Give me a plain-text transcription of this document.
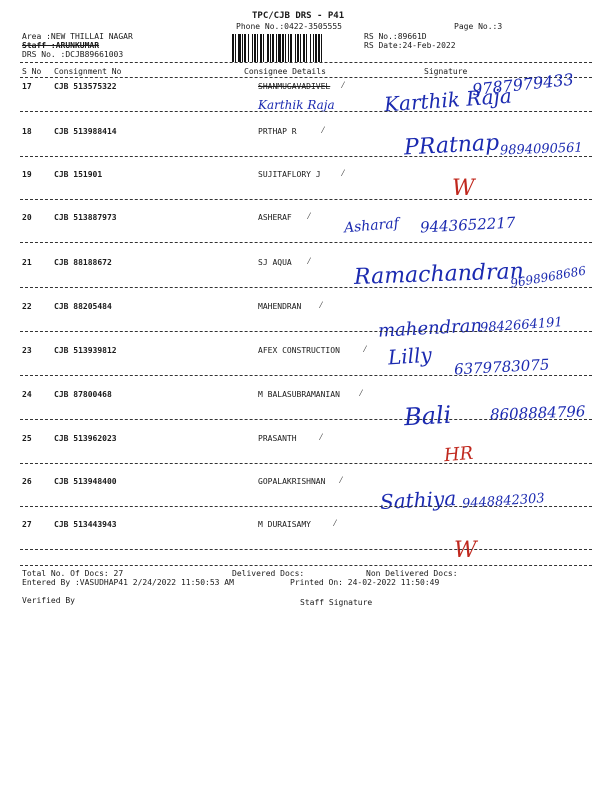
TPC/CJB DRS - P41
Phone No.:0422-3505555	Page No.:3
Area :NEW THILLAI NAGAR
Staff :ARUNKUMAR
DRS No. :DCJB89661003
RS No.:89661D
RS Date:24-Feb-2022
S No Consignment No	Consignee Details	Signature
17	CJB 513575322	SHANMUGAVADIVEL ⁄
Karthik Raja Karthik Raja
9787979433
18	CJB 513988414	PRTHAP R ⁄
PRatnap 9894090561
19	CJB 151901	SUJITAFLORY J ⁄
W
20	CJB 513887973	ASHERAF ⁄ Asharaf 9443652217
21	CJB 88188672	SJ AQUA ⁄ Ramachandran
9698968686
22	CJB 88205484	MAHENDRAN ⁄
mahendran
9842664191
23	CJB 513939812	AFEX CONSTRUCTION ⁄ Lilly 6379783075
24	CJB 87800468	M BALASUBRAMANIAN ⁄
Bali	8608884796
25	CJB 513962023	PRASANTH ⁄
HR
26	CJB 513948400	GOPALAKRISHNAN ⁄
Sathiya 9448842303
27	CJB 513443943	M DURAISAMY ⁄
W
Total No. Of Docs: 27	Delivered Docs:	Non Delivered Docs:
Entered By :VASUDHAP41 2/24/2022 11:50:53 AM	Printed On: 24-02-2022 11:50:49
Verified By	Staff Signature
